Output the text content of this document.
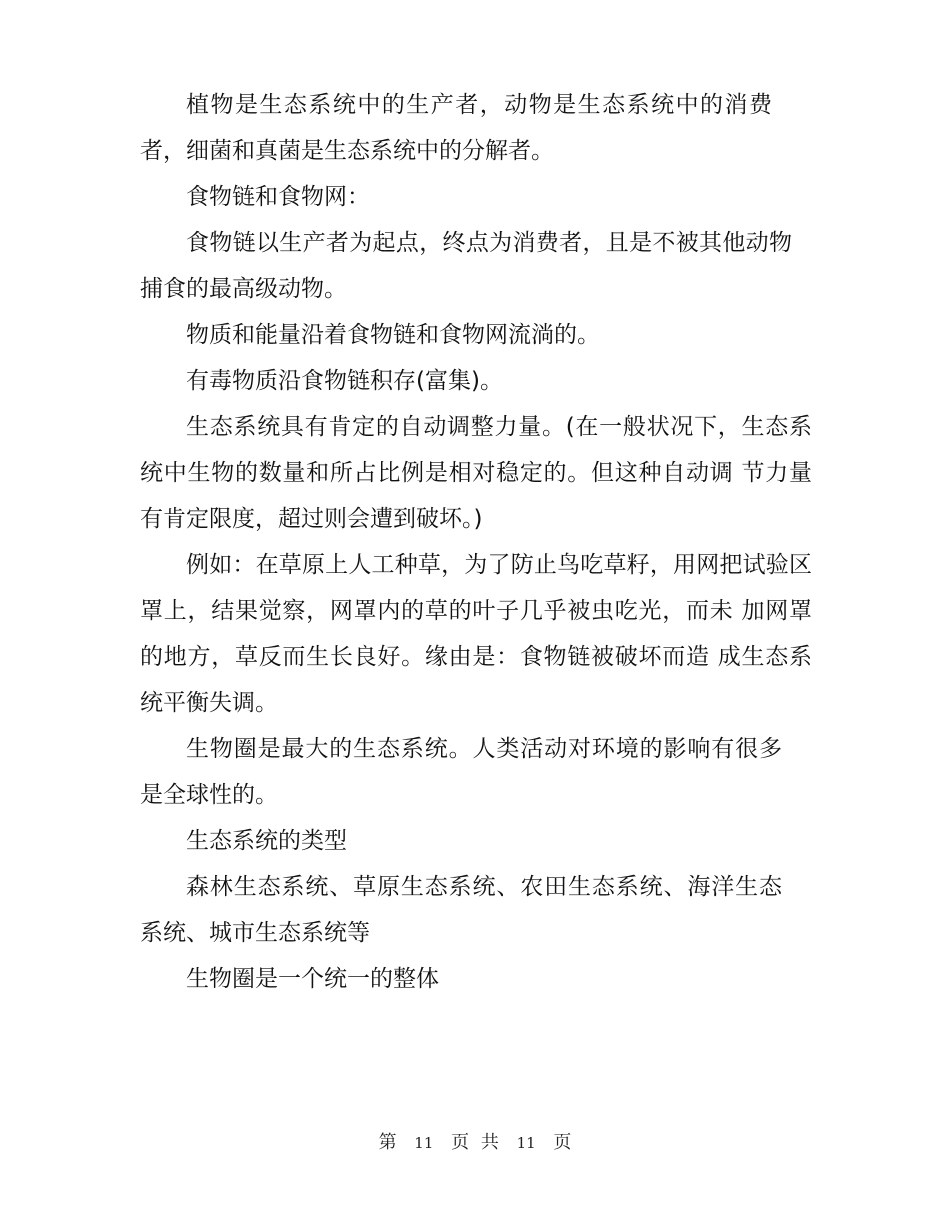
植物是生态系统中的生产者，动物是生态系统中的消费者，细菌和真菌是生态系统中的分解者。

食物链和食物网：

食物链以生产者为起点，终点为消费者，且是不被其他动物捕食的最高级动物。

物质和能量沿着食物链和食物网流淌的。

有毒物质沿食物链积存(富集)。

生态系统具有肯定的自动调整力量。(在一般状况下，生态系统中生物的数量和所占比例是相对稳定的。但这种自动调 节力量有肯定限度，超过则会遭到破坏。)

例如：在草原上人工种草，为了防止鸟吃草籽，用网把试验区罩上，结果觉察，网罩内的草的叶子几乎被虫吃光，而未 加网罩的地方，草反而生长良好。缘由是：食物链被破坏而造 成生态系统平衡失调。

生物圈是最大的生态系统。人类活动对环境的影响有很多是全球性的。

生态系统的类型

森林生态系统、草原生态系统、农田生态系统、海洋生态系统、城市生态系统等

生物圈是一个统一的整体

第 11 页 共 11 页
